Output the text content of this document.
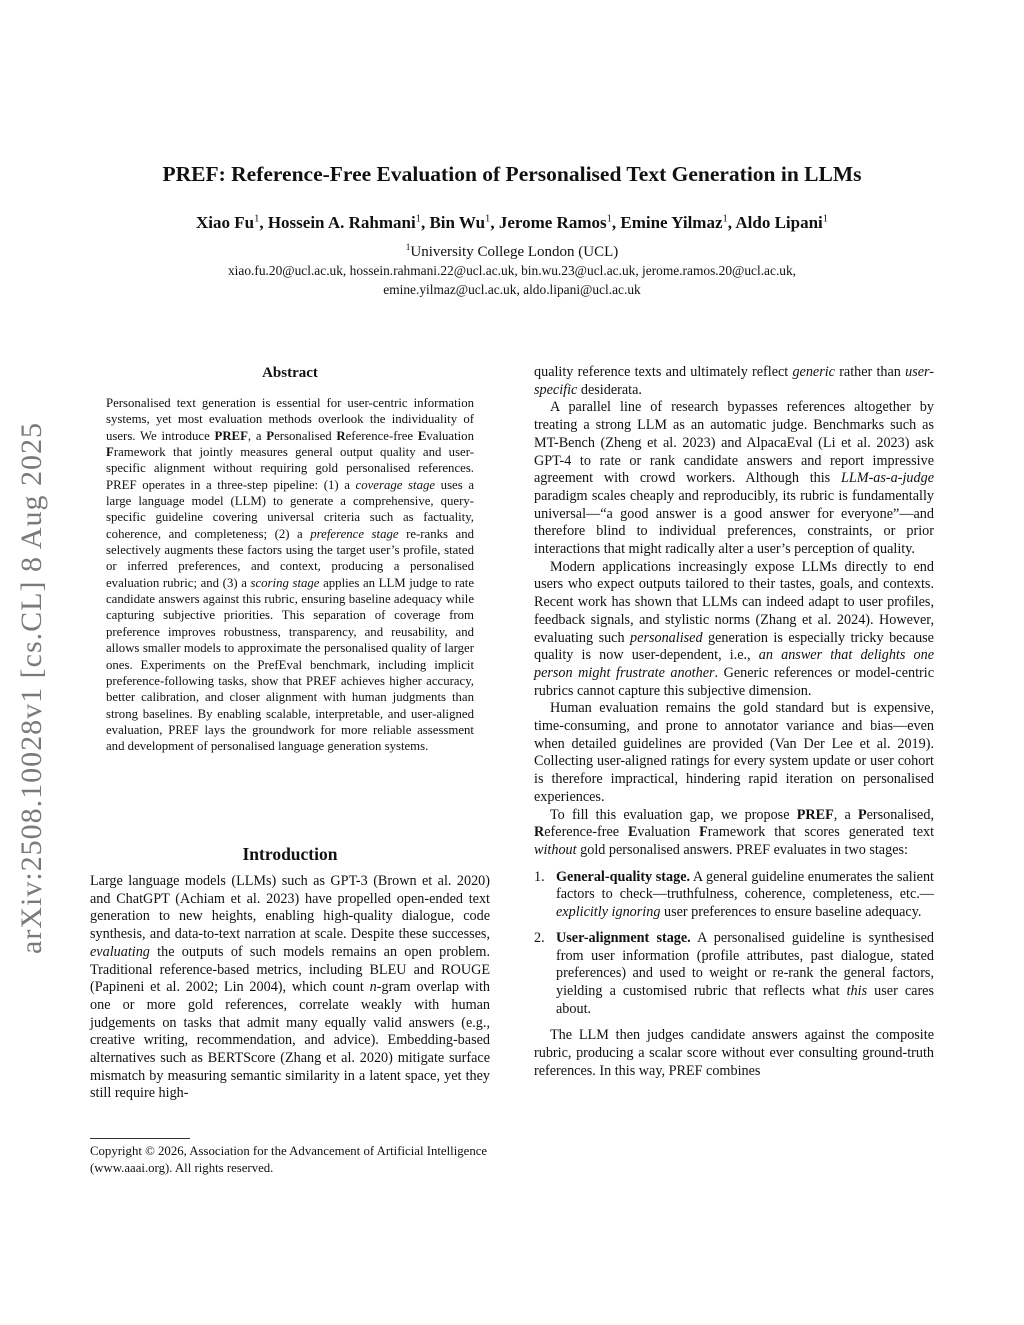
arXiv:2508.10028v1 [cs.CL] 8 Aug 2025
PREF: Reference-Free Evaluation of Personalised Text Generation in LLMs
Xiao Fu$^1$, Hossein A. Rahmani$^1$, Bin Wu$^1$, Jerome Ramos$^1$, Emine Yilmaz$^1$, Aldo Lipani$^1$
$^1$University College London (UCL)
xiao.fu.20@ucl.ac.uk, hossein.rahmani.22@ucl.ac.uk, bin.wu.23@ucl.ac.uk, jerome.ramos.20@ucl.ac.uk,
emine.yilmaz@ucl.ac.uk, aldo.lipani@ucl.ac.uk
Abstract

Personalised text generation is essential for user-centric information systems, yet most evaluation methods overlook the individuality of users. We introduce PREF, a Personalised Reference-free Evaluation Framework that jointly measures general output quality and user-specific alignment without requiring gold personalised references. PREF operates in a three-step pipeline: (1) a coverage stage uses a large language model (LLM) to generate a comprehensive, query-specific guideline covering universal criteria such as factuality, coherence, and completeness; (2) a preference stage re-ranks and selectively augments these factors using the target user’s profile, stated or inferred preferences, and context, producing a personalised evaluation rubric; and (3) a scoring stage applies an LLM judge to rate candidate answers against this rubric, ensuring baseline adequacy while capturing subjective priorities. This separation of coverage from preference improves robustness, transparency, and reusability, and allows smaller models to approximate the personalised quality of larger ones. Experiments on the PrefEval benchmark, including implicit preference-following tasks, show that PREF achieves higher accuracy, better calibration, and closer alignment with human judgments than strong baselines. By enabling scalable, interpretable, and user-aligned evaluation, PREF lays the groundwork for more reliable assessment and development of personalised language generation systems.

Introduction

Large language models (LLMs) such as GPT-3 (Brown et al. 2020) and ChatGPT (Achiam et al. 2023) have propelled open-ended text generation to new heights, enabling high-quality dialogue, code synthesis, and data-to-text narration at scale. Despite these successes, evaluating the outputs of such models remains an open problem. Traditional reference-based metrics, including BLEU and ROUGE (Papineni et al. 2002; Lin 2004), which count n-gram overlap with one or more gold references, correlate weakly with human judgements on tasks that admit many equally valid answers (e.g., creative writing, recommendation, and advice). Embedding-based alternatives such as BERTScore (Zhang et al. 2020) mitigate surface mismatch by measuring semantic similarity in a latent space, yet they still require high-

Copyright © 2026, Association for the Advancement of Artificial Intelligence (www.aaai.org). All rights reserved.

quality reference texts and ultimately reflect generic rather than user-specific desiderata.

A parallel line of research bypasses references altogether by treating a strong LLM as an automatic judge. Benchmarks such as MT-Bench (Zheng et al. 2023) and AlpacaEval (Li et al. 2023) ask GPT-4 to rate or rank candidate answers and report impressive agreement with crowd workers. Although this LLM-as-a-judge paradigm scales cheaply and reproducibly, its rubric is fundamentally universal—“a good answer is a good answer for everyone”—and therefore blind to individual preferences, constraints, or prior interactions that might radically alter a user’s perception of quality.

Modern applications increasingly expose LLMs directly to end users who expect outputs tailored to their tastes, goals, and contexts. Recent work has shown that LLMs can indeed adapt to user profiles, feedback signals, and stylistic norms (Zhang et al. 2024). However, evaluating such personalised generation is especially tricky because quality is now user-dependent, i.e., an answer that delights one person might frustrate another. Generic references or model-centric rubrics cannot capture this subjective dimension.

Human evaluation remains the gold standard but is expensive, time-consuming, and prone to annotator variance and bias—even when detailed guidelines are provided (Van Der Lee et al. 2019). Collecting user-aligned ratings for every system update or user cohort is therefore impractical, hindering rapid iteration on personalised experiences.

To fill this evaluation gap, we propose PREF, a Personalised, Reference-free Evaluation Framework that scores generated text without gold personalised answers. PREF evaluates in two stages:

1. General-quality stage. A general guideline enumerates the salient factors to check—truthfulness, coherence, completeness, etc.—explicitly ignoring user preferences to ensure baseline adequacy.
2. User-alignment stage. A personalised guideline is synthesised from user information (profile attributes, past dialogue, stated preferences) and used to weight or re-rank the general factors, yielding a customised rubric that reflects what this user cares about.

The LLM then judges candidate answers against the composite rubric, producing a scalar score without ever consulting ground-truth references. In this way, PREF combines
